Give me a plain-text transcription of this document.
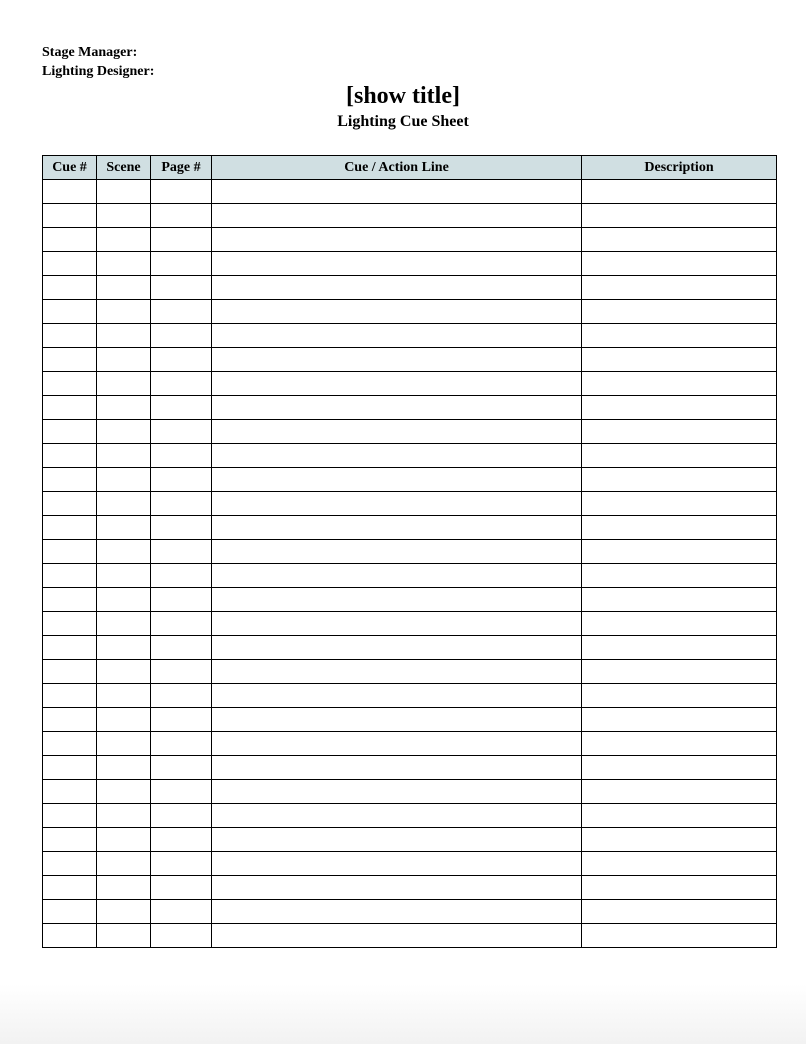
Stage Manager:
Lighting Designer:
[show title]
Lighting Cue Sheet
Cue #	Scene	Page #	Cue / Action Line	Description
